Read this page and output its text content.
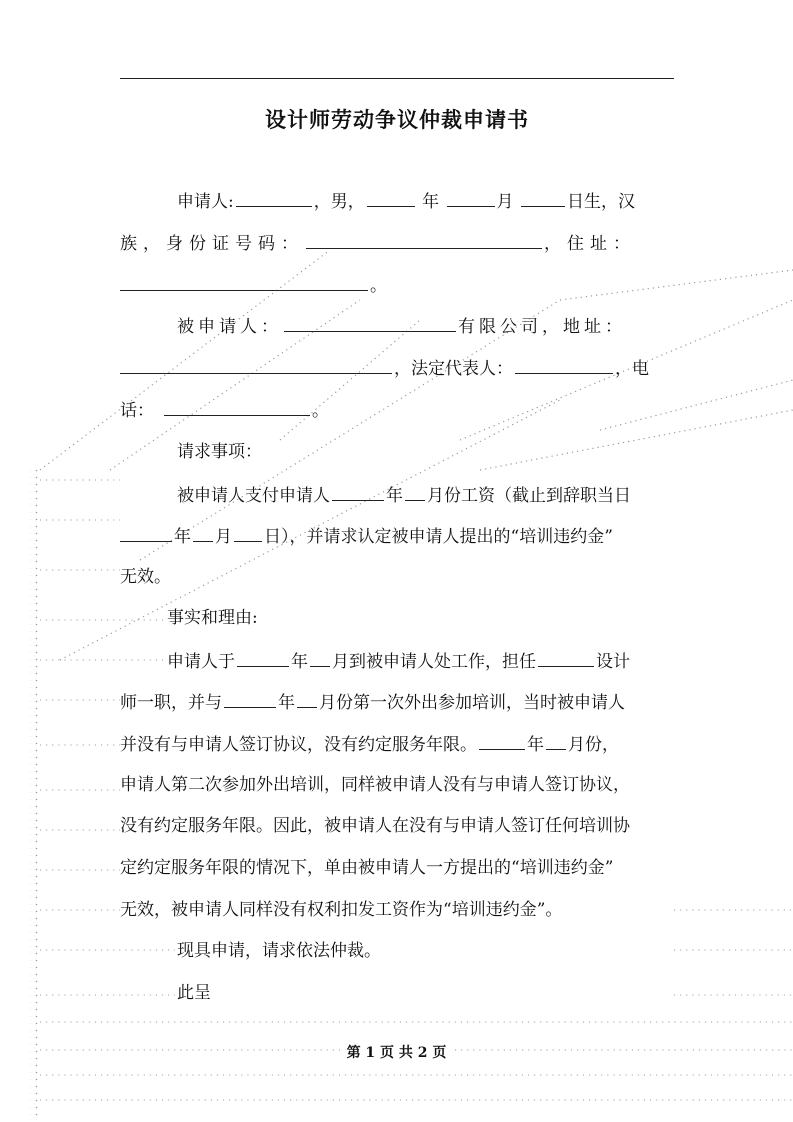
设计师劳动争议仲裁申请书
申请人:	，男，	年	月	日生，汉
族，身份证号码：	，住址：
。
被申请人：	有限公司，地址：
，法定代表人：	，电
话：	。
请求事项：
被申请人支付申请人	年 月份工资（截止到辞职当日
年 月 日），并请求认定被申请人提出的“培训违约金”
无效。
事实和理由:
申请人于	年 月到被申请人处工作，担任	设计
师一职，并与	年 月份第一次外出参加培训，当时被申请人
并没有与申请人签订协议，没有约定服务年限。	年 月份，
申请人第二次参加外出培训，同样被申请人没有与申请人签订协议，
没有约定服务年限。因此，被申请人在没有与申请人签订任何培训协
定约定服务年限的情况下，单由被申请人一方提出的“培训违约金”
无效，被申请人同样没有权利扣发工资作为“培训违约金”。
现具申请，请求依法仲裁。
此呈
第 1 页 共 2 页
